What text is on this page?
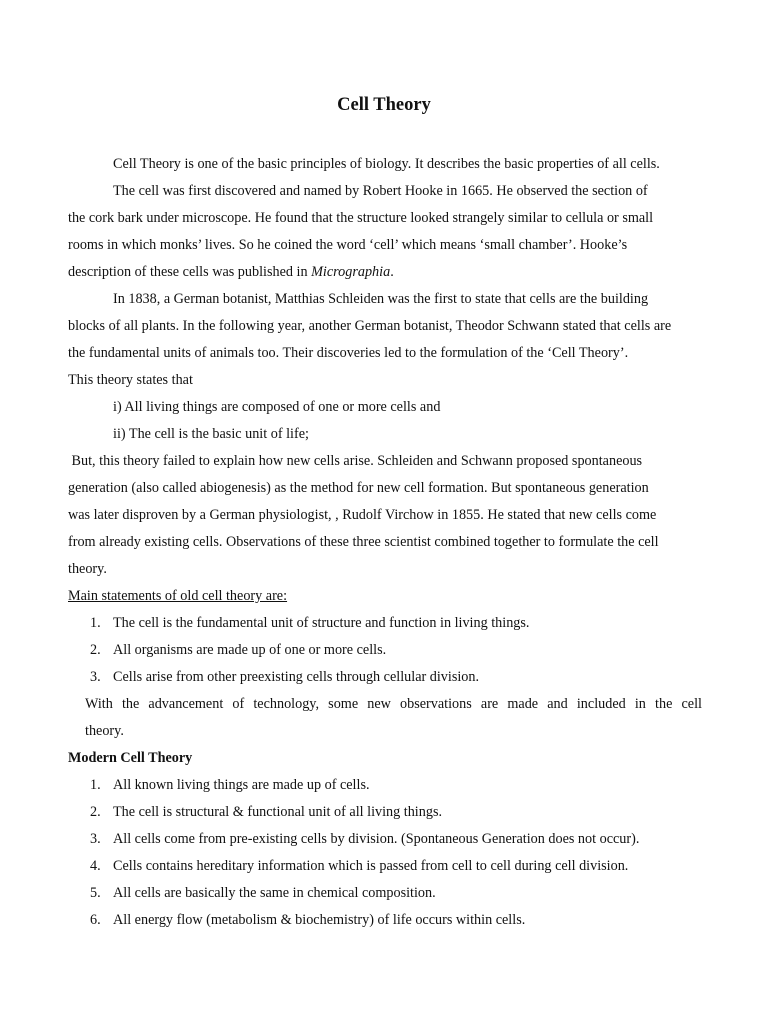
Cell Theory
Cell Theory is one of the basic principles of biology. It describes the basic properties of all cells.
The cell was first discovered and named by Robert Hooke in 1665. He observed the section of
the cork bark under microscope. He found that the structure looked strangely similar to cellula or small
rooms in which monks’ lives. So he coined the word ‘cell’ which means ‘small chamber’. Hooke’s
description of these cells was published in Micrographia.
In 1838, a German botanist, Matthias Schleiden was the first to state that cells are the building
blocks of all plants. In the following year, another German botanist, Theodor Schwann stated that cells are
the fundamental units of animals too. Their discoveries led to the formulation of the ‘Cell Theory’.
This theory states that
i) All living things are composed of one or more cells and
ii) The cell is the basic unit of life;
But, this theory failed to explain how new cells arise. Schleiden and Schwann proposed spontaneous
generation (also called abiogenesis) as the method for new cell formation. But spontaneous generation
was later disproven by a German physiologist, , Rudolf Virchow in 1855. He stated that new cells come
from already existing cells. Observations of these three scientist combined together to formulate the cell
theory.
Main statements of old cell theory are:
1. The cell is the fundamental unit of structure and function in living things.
2. All organisms are made up of one or more cells.
3. Cells arise from other preexisting cells through cellular division.
With the advancement of technology, some new observations are made and included in the cell
theory.
Modern Cell Theory
1. All known living things are made up of cells.
2. The cell is structural & functional unit of all living things.
3. All cells come from pre-existing cells by division. (Spontaneous Generation does not occur).
4. Cells contains hereditary information which is passed from cell to cell during cell division.
5. All cells are basically the same in chemical composition.
6. All energy flow (metabolism & biochemistry) of life occurs within cells.
